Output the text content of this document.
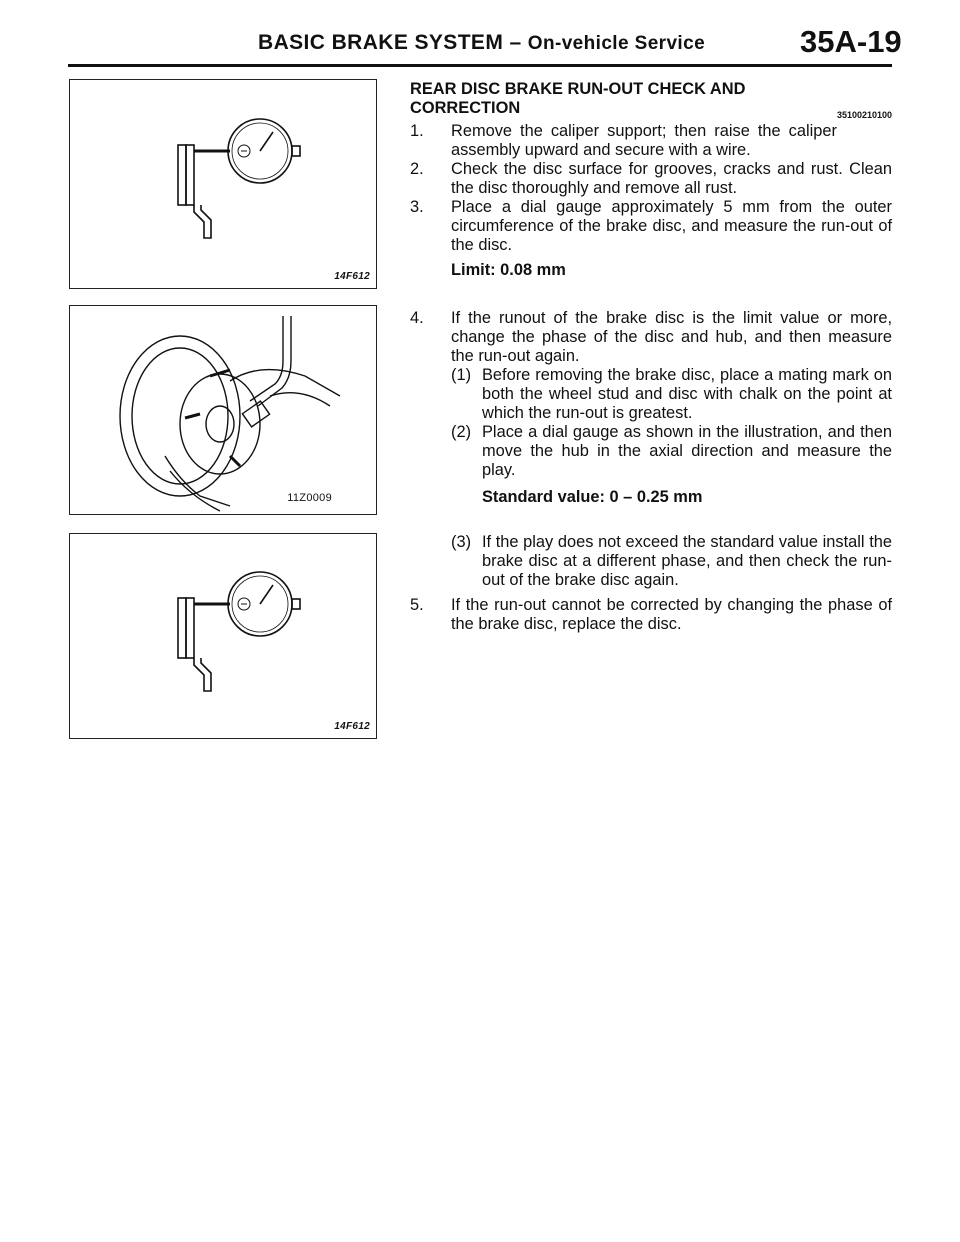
BASIC BRAKE SYSTEM – On-vehicle Service	35A-19
14F612
11Z0009
14F612
REAR DISC BRAKE RUN-OUT CHECK AND
CORRECTION	35100210100
1. Remove the caliper support; then raise the caliper assembly upward and secure with a wire.
2. Check the disc surface for grooves, cracks and rust. Clean the disc thoroughly and remove all rust.
3. Place a dial gauge approximately 5 mm from the outer circumference of the brake disc, and measure the run-out of the disc.
Limit: 0.08 mm
4. If the runout of the brake disc is the limit value or more, change the phase of the disc and hub, and then measure the run-out again.
(1) Before removing the brake disc, place a mating mark on both the wheel stud and disc with chalk on the point at which the run-out is greatest.
(2) Place a dial gauge as shown in the illustration, and then move the hub in the axial direction and measure the play.
Standard value: 0 – 0.25 mm
(3) If the play does not exceed the standard value install the brake disc at a different phase, and then check the run-out of the brake disc again.
5. If the run-out cannot be corrected by changing the phase of the brake disc, replace the disc.
